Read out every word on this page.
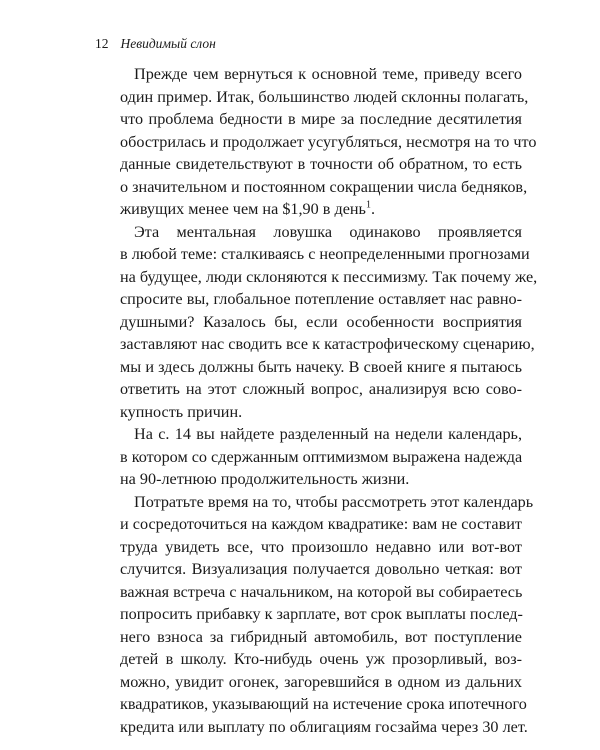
12 Невидимый слон
Прежде чем вернуться к основной теме, приведу всего
один пример. Итак, большинство людей склонны полагать,
что проблема бедности в мире за последние десятилетия
обострилась и продолжает усугубляться, несмотря на то что
данные свидетельствуют в точности об обратном, то есть
о значительном и постоянном сокращении числа бедняков,
живущих менее чем на $1,90 в день$^1$.
Эта ментальная ловушка одинаково проявляется
в любой теме: сталкиваясь с неопределенными прогнозами
на будущее, люди склоняются к пессимизму. Так почему же,
спросите вы, глобальное потепление оставляет нас равно-
душными? Казалось бы, если особенности восприятия
заставляют нас сводить все к катастрофическому сценарию,
мы и здесь должны быть начеку. В своей книге я пытаюсь
ответить на этот сложный вопрос, анализируя всю сово-
купность причин.
На с. 14 вы найдете разделенный на недели календарь,
в котором со сдержанным оптимизмом выражена надежда
на 90-летнюю продолжительность жизни.
Потратьте время на то, чтобы рассмотреть этот календарь
и сосредоточиться на каждом квадратике: вам не составит
труда увидеть все, что произошло недавно или вот-вот
случится. Визуализация получается довольно четкая: вот
важная встреча с начальником, на которой вы собираетесь
попросить прибавку к зарплате, вот срок выплаты послед-
него взноса за гибридный автомобиль, вот поступление
детей в школу. Кто-нибудь очень уж прозорливый, воз-
можно, увидит огонек, загоревшийся в одном из дальних
квадратиков, указывающий на истечение срока ипотечного
кредита или выплату по облигациям госзайма через 30 лет.
